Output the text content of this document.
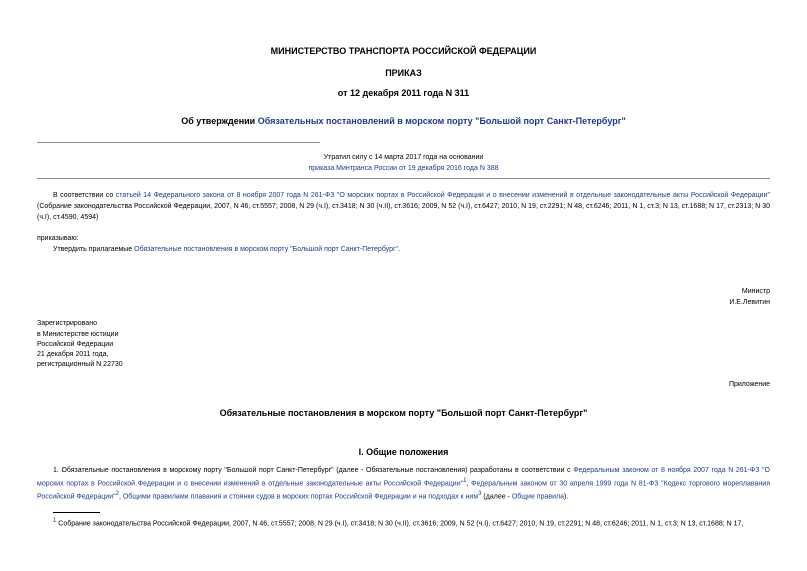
МИНИСТЕРСТВО ТРАНСПОРТА РОССИЙСКОЙ ФЕДЕРАЦИИ
ПРИКАЗ
от 12 декабря 2011 года N 311
Об утверждении Обязательных постановлений в морском порту "Большой порт Санкт-Петербург"
Утратил силу с 14 марта 2017 года на основании
приказа Минтранса России от 19 декабря 2016 года N 388
В соответствии со статьей 14 Федерального закона от 8 ноября 2007 года N 261-ФЗ "О морских портах в Российской Федерации и о внесении изменений в отдельные законодательные акты Российской Федерации" (Собрание законодательства Российской Федерации, 2007, N 46, ст.5557; 2008, N 29 (ч.I), ст.3418; N 30 (ч.II), ст.3616; 2009, N 52 (ч.I), ст.6427; 2010, N 19, ст.2291; N 48, ст.6246; 2011, N 1, ст.3; N 13, ст.1688; N 17, ст.2313; N 30 (ч.I), ст.4590, 4594)
приказываю:
Утвердить прилагаемые Обязательные постановления в морском порту "Большой порт Санкт-Петербург".
Министр
И.Е.Левитин
Зарегистрировано
в Министерстве юстиции
Российской Федерации
21 декабря 2011 года,
регистрационный N 22730
Приложение
Обязательные постановления в морском порту "Большой порт Санкт-Петербург"
I. Общие положения
1. Обязательные постановления в морскому порту "Большой порт Санкт-Петербург" (далее - Обязательные постановления) разработаны в соответствии с Федеральным законом от 8 ноября 2007 года N 261-ФЗ "О морских портах в Российской Федерации и о внесении изменений в отдельные законодательные акты Российской Федерации"$^1$, Федеральным законом от 30 апреля 1999 года N 81-ФЗ "Кодекс торгового мореплавания Российской Федерации"$^2$, Общими правилами плавания и стоянки судов в морских портах Российской Федерации и на подходах к ним$^3$ (далее - Общие правила).
$^1$ Собрание законодательства Российской Федерации, 2007, N 46, ст.5557; 2008, N 29 (ч.I), ст.3418; N 30 (ч.II), ст.3616; 2009, N 52 (ч.I), ст.6427; 2010, N 19, ст.2291; N 48, ст.6246; 2011, N 1, ст.3; N 13, ст.1688; N 17,
